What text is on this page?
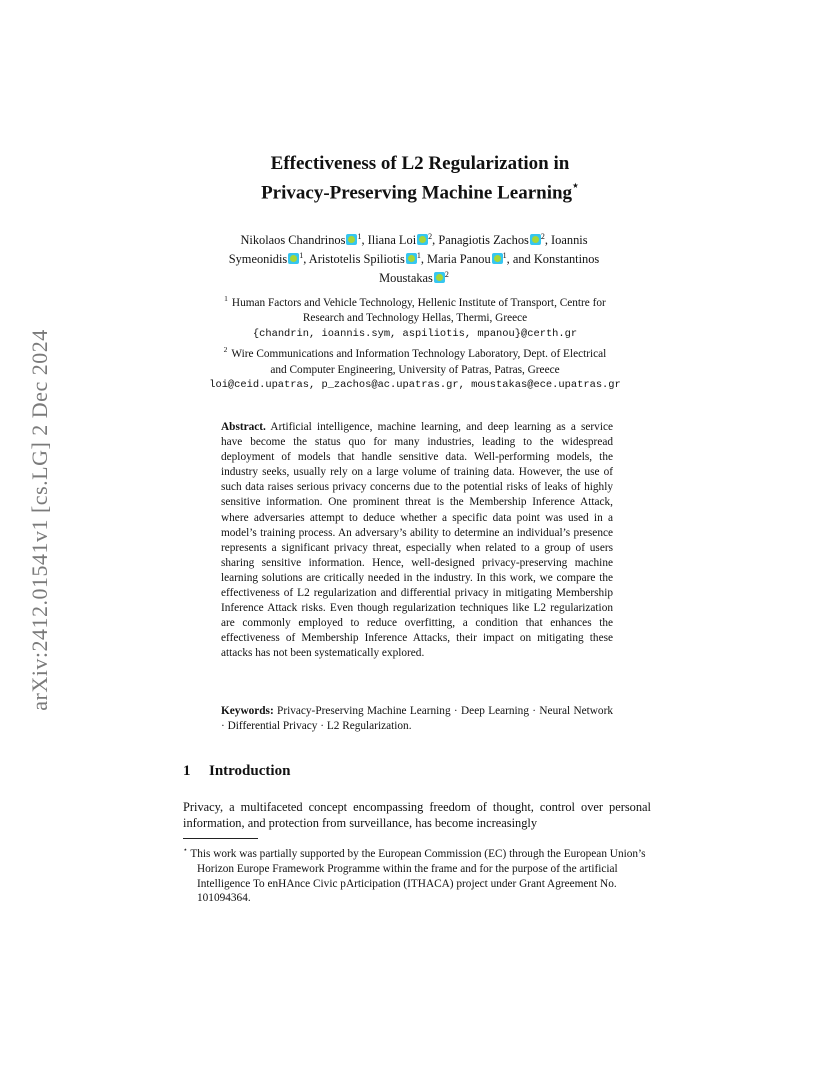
arXiv:2412.01541v1 [cs.LG] 2 Dec 2024
Effectiveness of L2 Regularization in
Privacy-Preserving Machine Learning⋆
Nikolaos Chandrinos $^1$, Iliana Loi $^2$, Panagiotis Zachos $^2$, Ioannis
Symeonidis $^1$, Aristotelis Spiliotis $^1$, Maria Panou $^1$, and Konstantinos
Moustakas $^2$
$^1$ Human Factors and Vehicle Technology, Hellenic Institute of Transport, Centre for
Research and Technology Hellas, Thermi, Greece
{chandrin, ioannis.sym, aspiliotis, mpanou}@certh.gr
$^2$ Wire Communications and Information Technology Laboratory, Dept. of Electrical
and Computer Engineering, University of Patras, Patras, Greece
loi@ceid.upatras, p_zachos@ac.upatras.gr, moustakas@ece.upatras.gr
Abstract. Artificial intelligence, machine learning, and deep learning as a service have become the status quo for many industries, leading to the widespread deployment of models that handle sensitive data. Well-performing models, the industry seeks, usually rely on a large volume of training data. However, the use of such data raises serious privacy concerns due to the potential risks of leaks of highly sensitive information. One prominent threat is the Membership Inference Attack, where adversaries attempt to deduce whether a specific data point was used in a model’s training process. An adversary’s ability to determine an individual’s presence represents a significant privacy threat, especially when related to a group of users sharing sensitive information. Hence, well-designed privacy-preserving machine learning solutions are critically needed in the industry. In this work, we compare the effectiveness of L2 regularization and differential privacy in mitigating Membership Inference Attack risks. Even though regularization techniques like L2 regularization are commonly employed to reduce overfitting, a condition that enhances the effectiveness of Membership Inference Attacks, their impact on mitigating these attacks has not been systematically explored.
Keywords: Privacy-Preserving Machine Learning · Deep Learning · Neural Network · Differential Privacy · L2 Regularization.
1 Introduction
Privacy, a multifaceted concept encompassing freedom of thought, control over personal information, and protection from surveillance, has become increasingly
⋆ This work was partially supported by the European Commission (EC) through the European Union’s Horizon Europe Framework Programme within the frame and for the purpose of the artificial Intelligence To enHAnce Civic pArticipation (ITHACA) project under Grant Agreement No. 101094364.
